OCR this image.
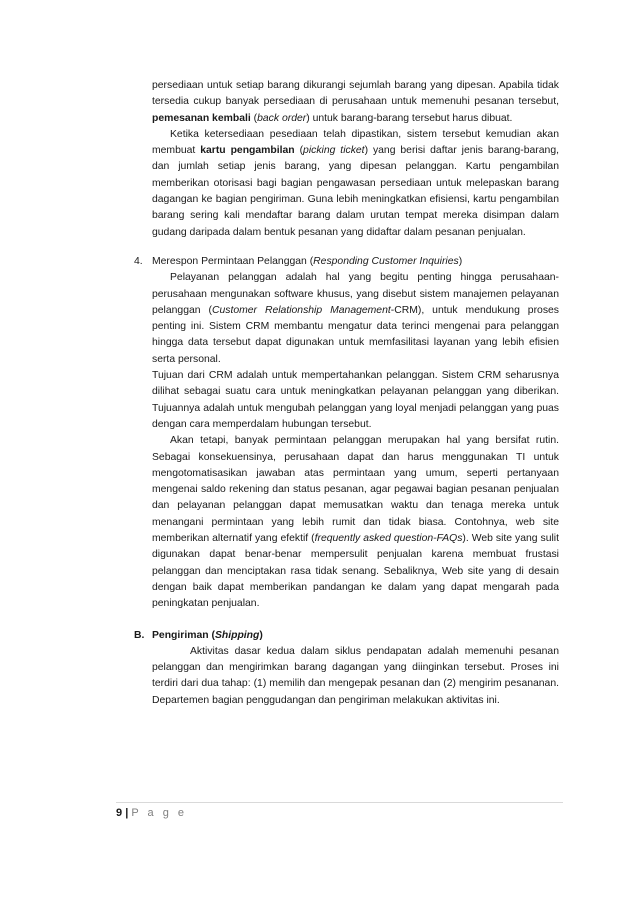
persediaan untuk setiap barang dikurangi sejumlah barang yang dipesan. Apabila tidak tersedia cukup banyak persediaan di perusahaan untuk memenuhi pesanan tersebut, pemesanan kembali (back order) untuk barang-barang tersebut harus dibuat.

Ketika ketersediaan pesediaan telah dipastikan, sistem tersebut kemudian akan membuat kartu pengambilan (picking ticket) yang berisi daftar jenis barang-barang, dan jumlah setiap jenis barang, yang dipesan pelanggan. Kartu pengambilan memberikan otorisasi bagi bagian pengawasan persediaan untuk melepaskan barang dagangan ke bagian pengiriman. Guna lebih meningkatkan efisiensi, kartu pengambilan barang sering kali mendaftar barang dalam urutan tempat mereka disimpan dalam gudang daripada dalam bentuk pesanan yang didaftar dalam pesanan penjualan.

4. Merespon Permintaan Pelanggan (Responding Customer Inquiries)

Pelayanan pelanggan adalah hal yang begitu penting hingga perusahaan-perusahaan mengunakan software khusus, yang disebut sistem manajemen pelayanan pelanggan (Customer Relationship Management-CRM), untuk mendukung proses penting ini. Sistem CRM membantu mengatur data terinci mengenai para pelanggan hingga data tersebut dapat digunakan untuk memfasilitasi layanan yang lebih efisien serta personal.

Tujuan dari CRM adalah untuk mempertahankan pelanggan. Sistem CRM seharusnya dilihat sebagai suatu cara untuk meningkatkan pelayanan pelanggan yang diberikan. Tujuannya adalah untuk mengubah pelanggan yang loyal menjadi pelanggan yang puas dengan cara memperdalam hubungan tersebut.

Akan tetapi, banyak permintaan pelanggan merupakan hal yang bersifat rutin. Sebagai konsekuensinya, perusahaan dapat dan harus menggunakan TI untuk mengotomatisasikan jawaban atas permintaan yang umum, seperti pertanyaan mengenai saldo rekening dan status pesanan, agar pegawai bagian pesanan penjualan dan pelayanan pelanggan dapat memusatkan waktu dan tenaga mereka untuk menangani permintaan yang lebih rumit dan tidak biasa. Contohnya, web site memberikan alternatif yang efektif (frequently asked question-FAQs). Web site yang sulit digunakan dapat benar-benar mempersulit penjualan karena membuat frustasi pelanggan dan menciptakan rasa tidak senang. Sebaliknya, Web site yang di desain dengan baik dapat memberikan pandangan ke dalam yang dapat mengarah pada peningkatan penjualan.

B. Pengiriman (Shipping)

Aktivitas dasar kedua dalam siklus pendapatan adalah memenuhi pesanan pelanggan dan mengirimkan barang dagangan yang diinginkan tersebut. Proses ini terdiri dari dua tahap: (1) memilih dan mengepak pesanan dan (2) mengirim pesananan. Departemen bagian penggudangan dan pengiriman melakukan aktivitas ini.

9 | P a g e
